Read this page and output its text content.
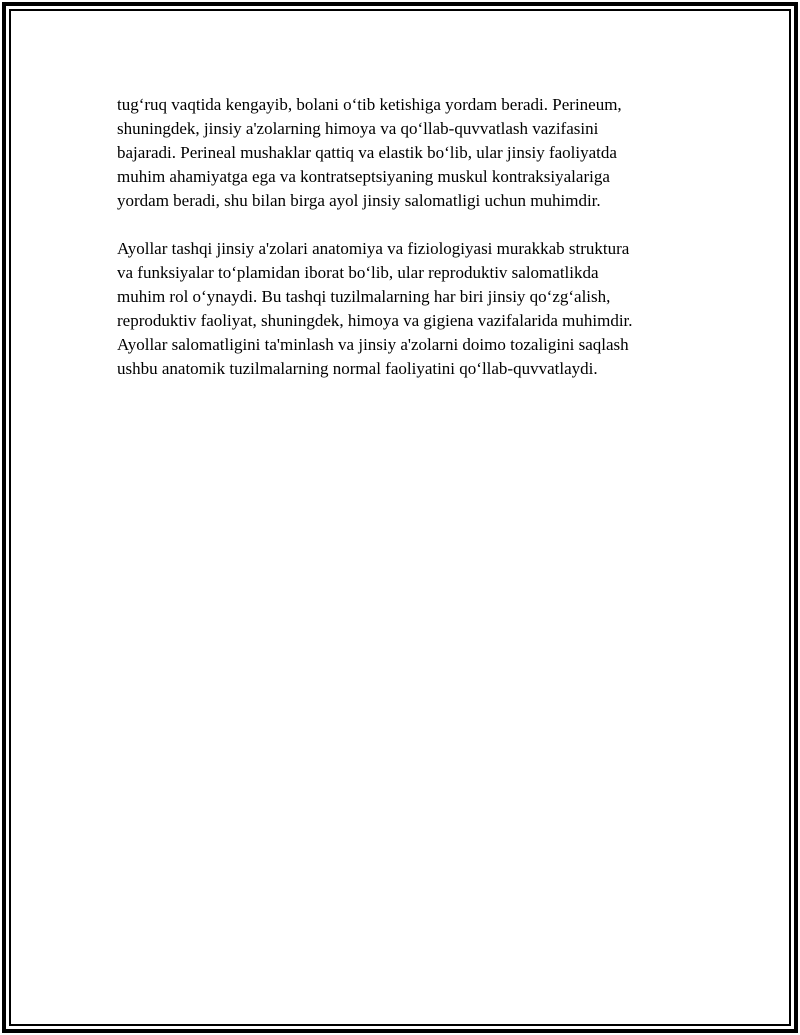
tug‘ruq vaqtida kengayib, bolani o‘tib ketishiga yordam beradi. Perineum,
shuningdek, jinsiy a'zolarning himoya va qo‘llab-quvvatlash vazifasini
bajaradi. Perineal mushaklar qattiq va elastik bo‘lib, ular jinsiy faoliyatda
muhim ahamiyatga ega va kontratseptsiyaning muskul kontraksiyalariga
yordam beradi, shu bilan birga ayol jinsiy salomatligi uchun muhimdir.
Ayollar tashqi jinsiy a'zolari anatomiya va fiziologiyasi murakkab struktura
va funksiyalar to‘plamidan iborat bo‘lib, ular reproduktiv salomatlikda
muhim rol o‘ynaydi. Bu tashqi tuzilmalarning har biri jinsiy qo‘zg‘alish,
reproduktiv faoliyat, shuningdek, himoya va gigiena vazifalarida muhimdir.
Ayollar salomatligini ta'minlash va jinsiy a'zolarni doimo tozaligini saqlash
ushbu anatomik tuzilmalarning normal faoliyatini qo‘llab-quvvatlaydi.
